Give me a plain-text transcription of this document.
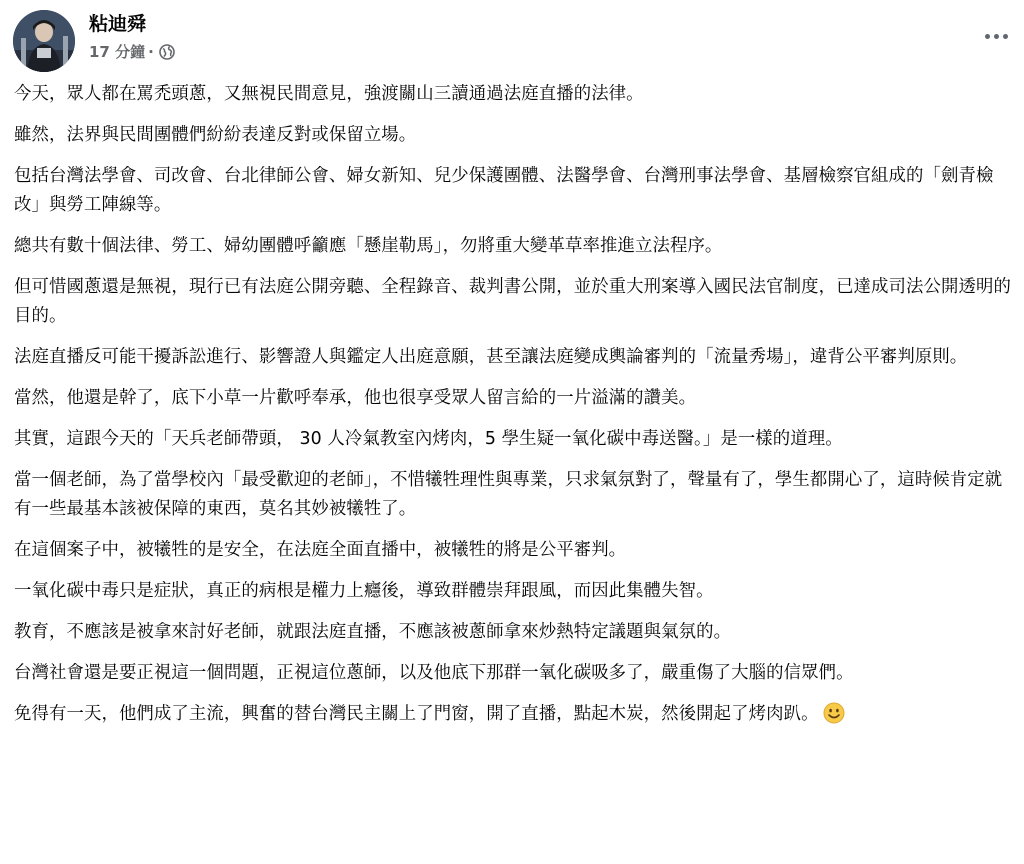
粘迪舜
17 分鐘 ·

今天，眾人都在罵禿頭蔥，又無視民間意見，強渡關山三讀通過法庭直播的法律。

雖然，法界與民間團體們紛紛表達反對或保留立場。

包括台灣法學會、司改會、台北律師公會、婦女新知、兒少保護團體、法醫學會、台灣刑事法學會、基層檢察官組成的「劍青檢改」與勞工陣線等。

總共有數十個法律、勞工、婦幼團體呼籲應「懸崖勒馬」，勿將重大變革草率推進立法程序。

但可惜國蔥還是無視，現行已有法庭公開旁聽、全程錄音、裁判書公開，並於重大刑案導入國民法官制度，已達成司法公開透明的目的。

法庭直播反可能干擾訴訟進行、影響證人與鑑定人出庭意願，甚至讓法庭變成輿論審判的「流量秀場」，違背公平審判原則。

當然，他還是幹了，底下小草一片歡呼奉承，他也很享受眾人留言給的一片溢滿的讚美。

其實，這跟今天的「天兵老師帶頭， 30 人冷氣教室內烤肉，5 學生疑一氧化碳中毒送醫。」是一樣的道理。

當一個老師，為了當學校內「最受歡迎的老師」，不惜犧牲理性與專業，只求氣氛對了，聲量有了，學生都開心了，這時候肯定就有一些最基本該被保障的東西，莫名其妙被犧牲了。

在這個案子中，被犧牲的是安全，在法庭全面直播中，被犧牲的將是公平審判。

一氧化碳中毒只是症狀，真正的病根是權力上癮後，導致群體崇拜跟風，而因此集體失智。

教育，不應該是被拿來討好老師，就跟法庭直播，不應該被蔥師拿來炒熱特定議題與氣氛的。

台灣社會還是要正視這一個問題，正視這位蔥師，以及他底下那群一氧化碳吸多了，嚴重傷了大腦的信眾們。

免得有一天，他們成了主流，興奮的替台灣民主關上了門窗，開了直播，點起木炭，然後開起了烤肉趴。
